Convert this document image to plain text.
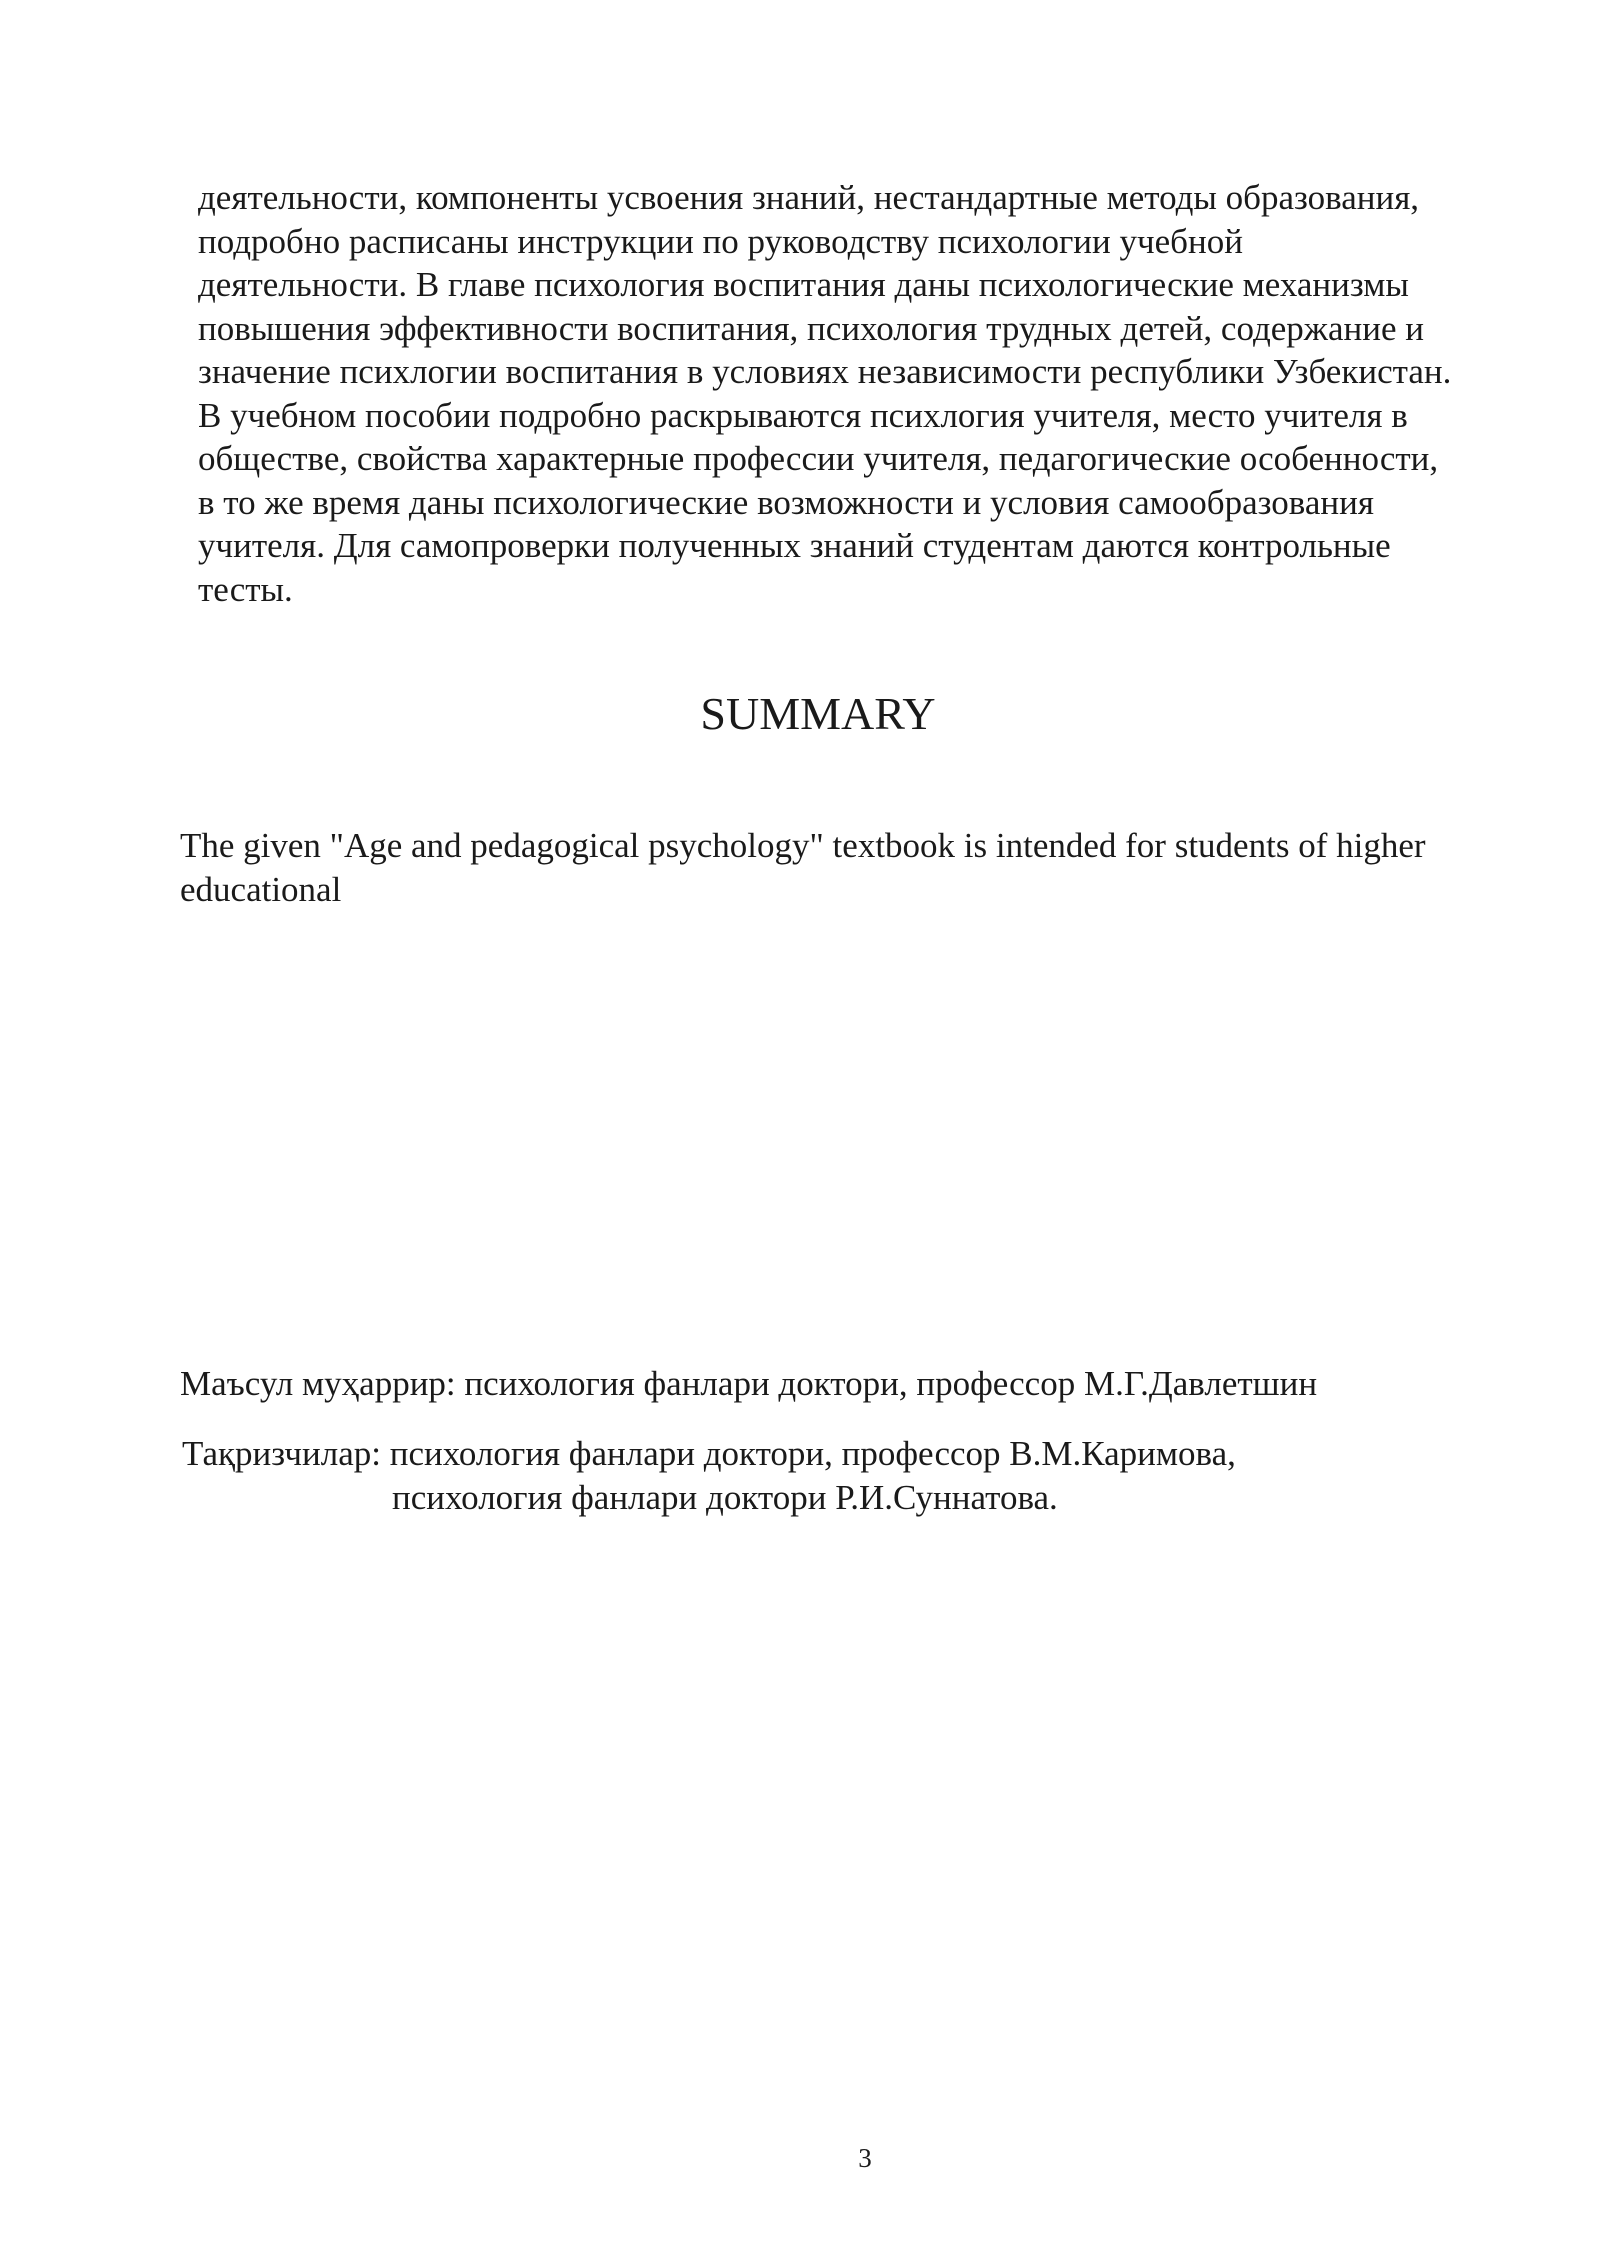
деятельности, компоненты усвоения знаний, нестандартные методы образования,
подробно расписаны инструкции по руководству психологии учебной
деятельности. В главе психология воспитания даны психологические механизмы
повышения эффективности воспитания, психология трудных детей, содержание и
значение психлогии воспитания в условиях независимости республики Узбекистан.
В учебном пособии подробно раскрываются психлогия учителя, место учителя в
обществе, свойства характерные профессии учителя, педагогические особенности,
в то же время даны психологические возможности и условия самообразования
учителя. Для самопроверки полученных знаний студентам даются контрольные
тесты.
SUMMARY
The given "Age and pedagogical psychology" textbook is intended for students of higher
educational

Маъсул муҳаррир: психология фанлари доктори, профессор М.Г.Давлетшин

Тақризчилар: психология фанлари доктори, профессор В.М.Каримова,

психология фанлари доктори Р.И.Суннатова.

3
